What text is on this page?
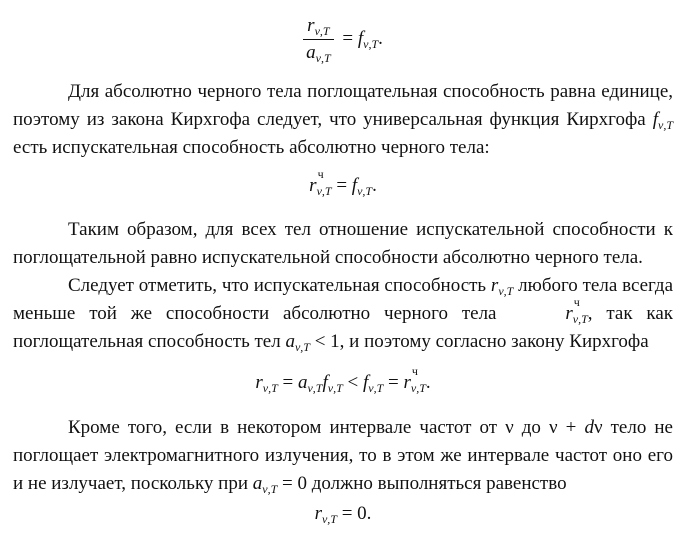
$\frac{r_{\nu,T}}{a_{\nu,T}} = f_{\nu,T}$.

Для абсолютно черного тела поглощательная способность равна единице, поэтому из закона Кирхгофа следует, что универсальная функция Кирхгофа $f_{\nu,T}$ есть испускательная способность абсолютно черного тела:

r
ч
$_{\nu,T} = f_{\nu,T}$.

Таким образом, для всех тел отношение испускательной способности к поглощательной равно испускательной способности абсолютно черного тела.

Следует отметить, что испускательная способность $r_{\nu,T}$ любого тела всегда меньше той же способности абсолютно черного тела	r
ч
$_{\nu,T}$, так как поглощательная способность тел $a_{\nu,T} < 1$, и поэтому согласно закону Кирхгофа

$r_{\nu,T} = a_{\nu,T}f_{\nu,T} < f_{\nu,T} = r$
ч
$_{\nu,T}$.

Кроме того, если в некотором интервале частот от ν до ν + dν тело не поглощает электромагнитного излучения, то в этом же интервале частот оно его и не излучает, поскольку при $a_{\nu,T} = 0$ должно выполняться равенство

$r_{\nu,T} = 0$.
